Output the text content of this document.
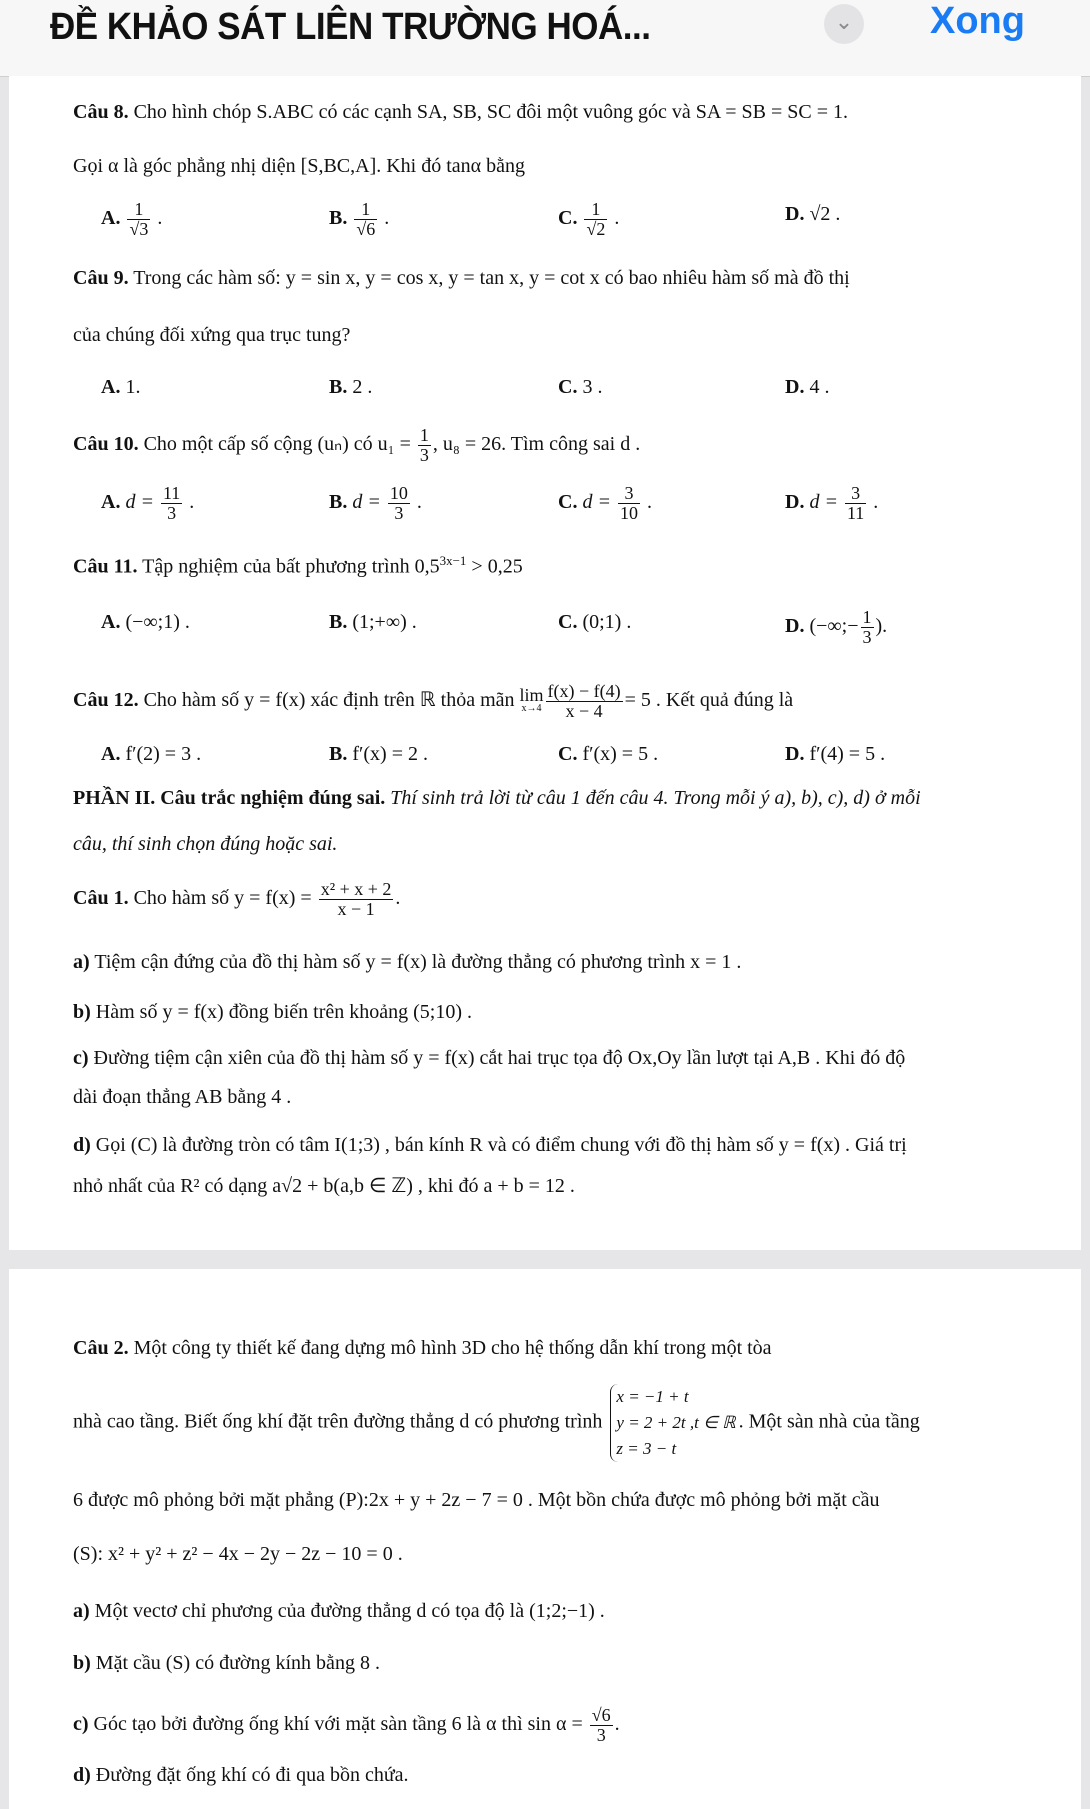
ĐỀ KHẢO SÁT LIÊN TRƯỜNG HOÁ...	⌄ Xong
Câu 8. Cho hình chóp S.ABC có các cạnh SA, SB, SC đôi một vuông góc và SA = SB = SC = 1.
Gọi α là góc phẳng nhị diện [S,BC,A]. Khi đó tanα bằng
A. $\frac{1}{√3}$ .	B. $\frac{1}{√6}$ .	C. $\frac{1}{√2}$ .	D. √2 .
Câu 9. Trong các hàm số: y = sin x, y = cos x, y = tan x, y = cot x có bao nhiêu hàm số mà đồ thị
của chúng đối xứng qua trục tung?
A. 1.	B. 2 .	C. 3 .	D. 4 .
Câu 10. Cho một cấp số cộng (uₙ) có $u_1 = \frac{1}{3}$ , u₈ = 26. Tìm công sai d .
A. $d = \frac{11}{3}$ .	B. $d = \frac{10}{3}$ .	C. $d = \frac{3}{10}$ .	D. $d = \frac{3}{11}$ .
Câu 11. Tập nghiệm của bất phương trình $0,5^{3x-1} > 0,25$
A. (−∞;1) .	B. (1;+∞) .	C. (0;1) .	D. (−∞;− $\frac{1}{3}$ ).
Câu 12. Cho hàm số y = f(x) xác định trên ℝ thỏa mãn lim
$x\to 4 \frac{f(x) - f(4)}{x - 4} = 5$ . Kết quả đúng là
A. f′(2) = 3 .	B. f′(x) = 2 .	C. f′(x) = 5 .	D. f′(4) = 5 .
PHẦN II. Câu trắc nghiệm đúng sai. Thí sinh trả lời từ câu 1 đến câu 4. Trong mỗi ý a), b), c), d) ở mỗi
câu, thí sinh chọn đúng hoặc sai.
Câu 1. Cho hàm số $y = f(x) = \frac{\text{x² + x + 2}}{x - 1}$ .
a) Tiệm cận đứng của đồ thị hàm số y = f(x) là đường thẳng có phương trình x = 1 .
b) Hàm số y = f(x) đồng biến trên khoảng (5;10) .
c) Đường tiệm cận xiên của đồ thị hàm số y = f(x) cắt hai trục tọa độ Ox,Oy lần lượt tại A,B . Khi đó độ
dài đoạn thẳng AB bằng 4 .
d) Gọi (C) là đường tròn có tâm I(1;3) , bán kính R và có điểm chung với đồ thị hàm số y = f(x) . Giá trị
nhỏ nhất của R² có dạng a√2 + b(a,b ∈ ℤ) , khi đó a + b = 12 .
Câu 2. Một công ty thiết kế đang dựng mô hình 3D cho hệ thống dẫn khí trong một tòa
nhà cao tầng. Biết ống khí đặt trên đường thẳng d có phương trình
x = −1 + t
y = 2 + 2t ,t ∈ ℝ
z = 3 − t
. Một sàn nhà của tầng
6 được mô phỏng bởi mặt phẳng (P):2x + y + 2z − 7 = 0 . Một bồn chứa được mô phỏng bởi mặt cầu
(S): x² + y² + z² − 4x − 2y − 2z − 10 = 0 .
a) Một vectơ chỉ phương của đường thẳng d có tọa độ là (1;2;−1) .
b) Mặt cầu (S) có đường kính bằng 8 .
c) Góc tạo bởi đường ống khí với mặt sàn tầng 6 là α thì $\sin \alpha = \frac{√6}{3}$ .
d) Đường đặt ống khí có đi qua bồn chứa.
